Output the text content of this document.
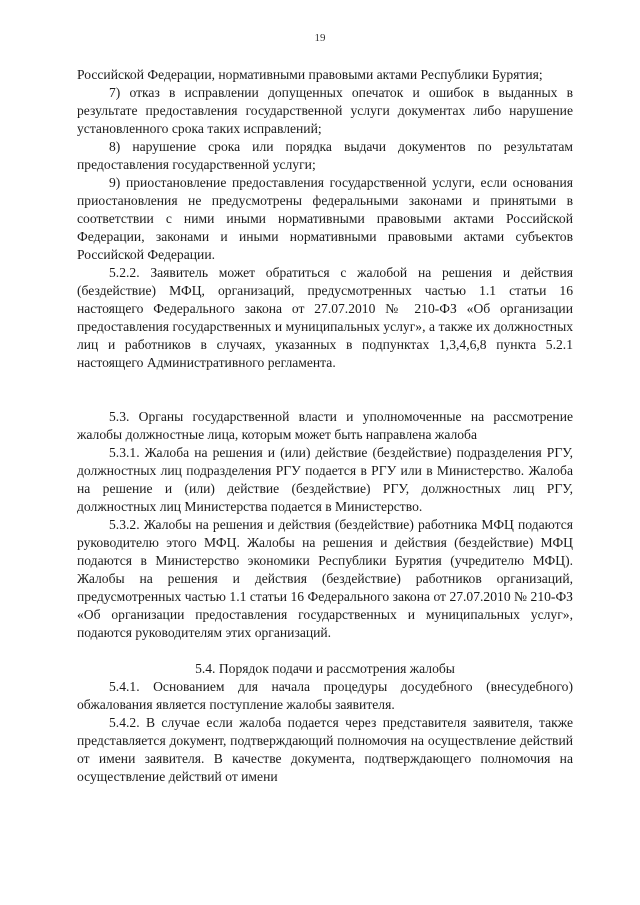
19

Российской Федерации, нормативными правовыми актами Республики Бурятия;

7) отказ в исправлении допущенных опечаток и ошибок в выданных в результате предоставления государственной услуги документах либо нарушение установленного срока таких исправлений;

8) нарушение срока или порядка выдачи документов по результатам предоставления государственной услуги;

9) приостановление предоставления государственной услуги, если основания приостановления не предусмотрены федеральными законами и принятыми в соответствии с ними иными нормативными правовыми актами Российской Федерации, законами и иными нормативными правовыми актами субъектов Российской Федерации.

5.2.2. Заявитель может обратиться с жалобой на решения и действия (бездействие) МФЦ, организаций, предусмотренных частью 1.1 статьи 16 настоящего Федерального закона от 27.07.2010 № 210-ФЗ «Об организации предоставления государственных и муниципальных услуг», а также их должностных лиц и работников в случаях, указанных в подпунктах 1,3,4,6,8 пункта 5.2.1 настоящего Административного регламента.

5.3. Органы государственной власти и уполномоченные на рассмотрение жалобы должностные лица, которым может быть направлена жалоба

5.3.1. Жалоба на решения и (или) действие (бездействие) подразделения РГУ, должностных лиц подразделения РГУ подается в РГУ или в Министерство. Жалоба на решение и (или) действие (бездействие) РГУ, должностных лиц РГУ, должностных лиц Министерства подается в Министерство.

5.3.2. Жалобы на решения и действия (бездействие) работника МФЦ подаются руководителю этого МФЦ. Жалобы на решения и действия (бездействие) МФЦ подаются в Министерство экономики Республики Бурятия (учредителю МФЦ). Жалобы на решения и действия (бездействие) работников организаций, предусмотренных частью 1.1 статьи 16 Федерального закона от 27.07.2010 № 210-ФЗ «Об организации предоставления государственных и муниципальных услуг», подаются руководителям этих организаций.

5.4. Порядок подачи и рассмотрения жалобы

5.4.1. Основанием для начала процедуры досудебного (внесудебного) обжалования является поступление жалобы заявителя.

5.4.2. В случае если жалоба подается через представителя заявителя, также представляется документ, подтверждающий полномочия на осуществление действий от имени заявителя. В качестве документа, подтверждающего полномочия на осуществление действий от имени
